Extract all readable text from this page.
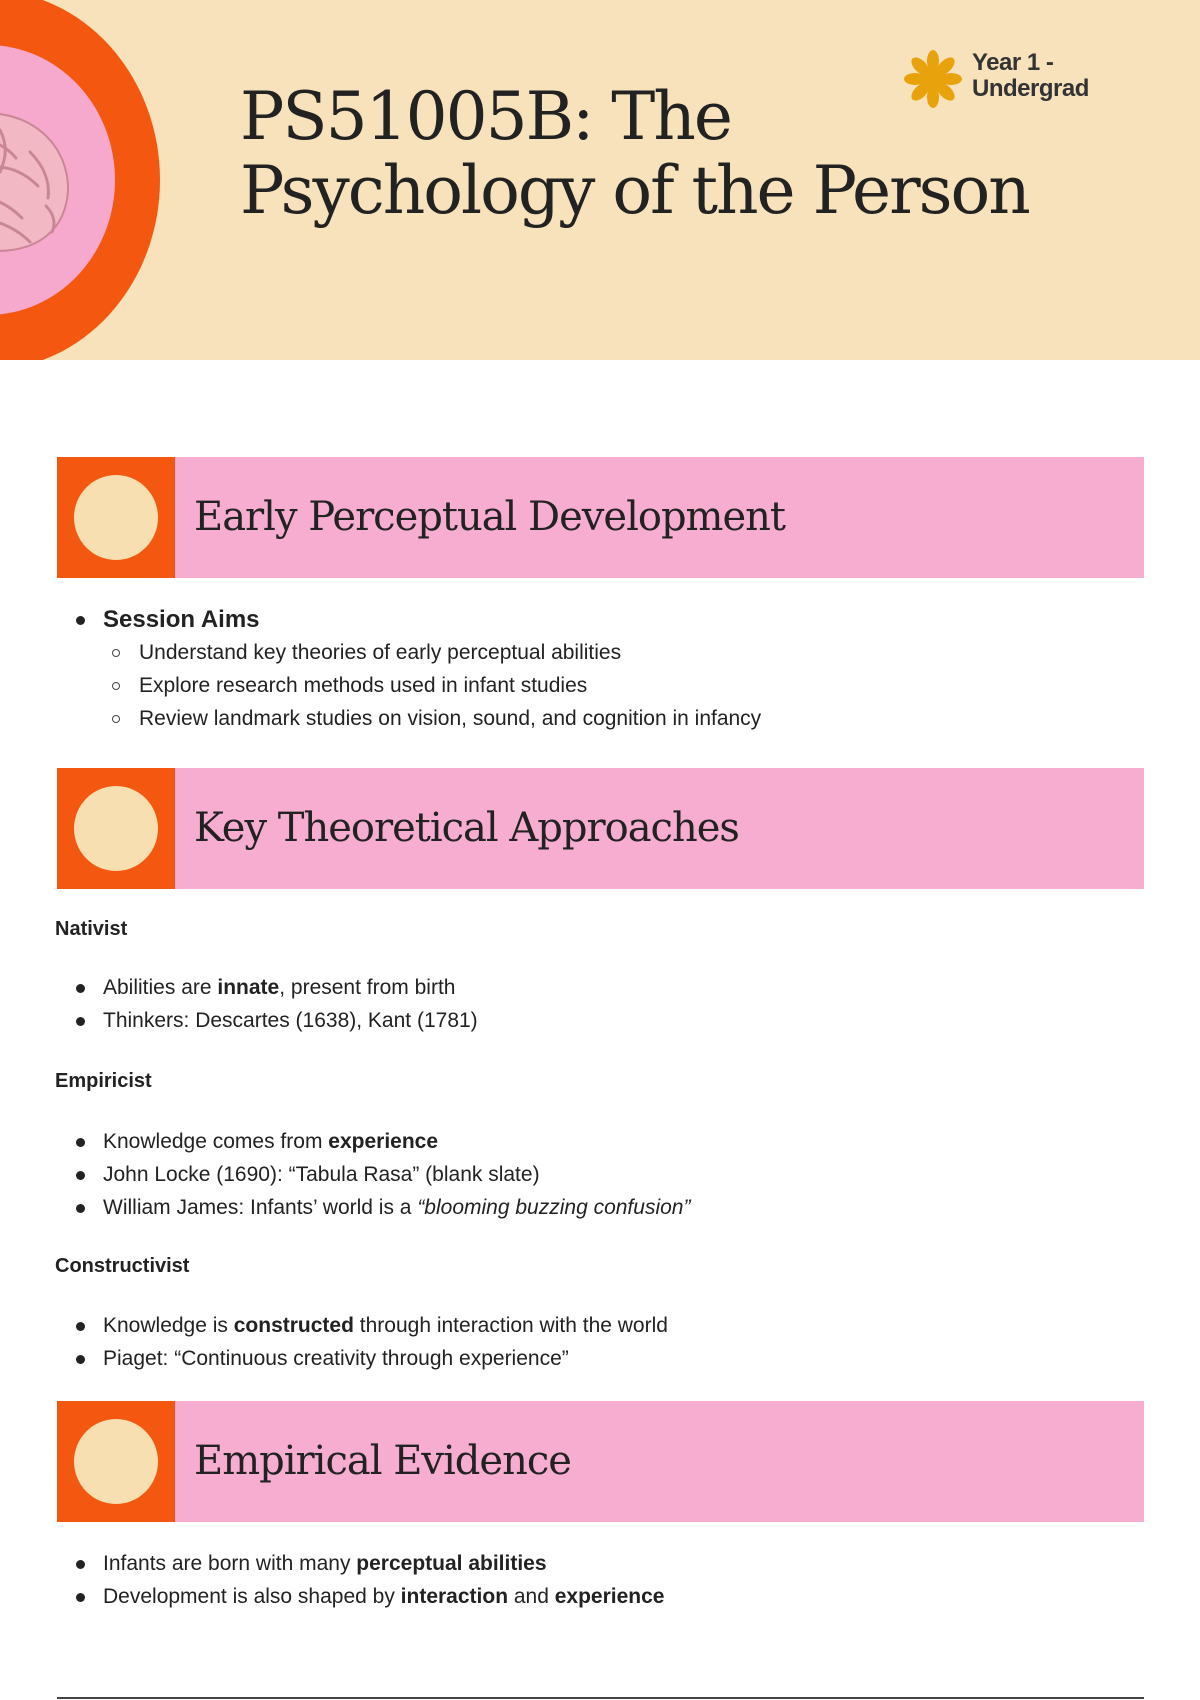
PS51005B: The
Psychology of the Person
Year 1 -
Undergrad
Early Perceptual Development
Session Aims
Understand key theories of early perceptual abilities
Explore research methods used in infant studies
Review landmark studies on vision, sound, and cognition in infancy
Key Theoretical Approaches
Nativist
Abilities are innate, present from birth
Thinkers: Descartes (1638), Kant (1781)
Empiricist
Knowledge comes from experience
John Locke (1690): “Tabula Rasa” (blank slate)
William James: Infants’ world is a “blooming buzzing confusion”
Constructivist
Knowledge is constructed through interaction with the world
Piaget: “Continuous creativity through experience”
Empirical Evidence
Infants are born with many perceptual abilities
Development is also shaped by interaction and experience
